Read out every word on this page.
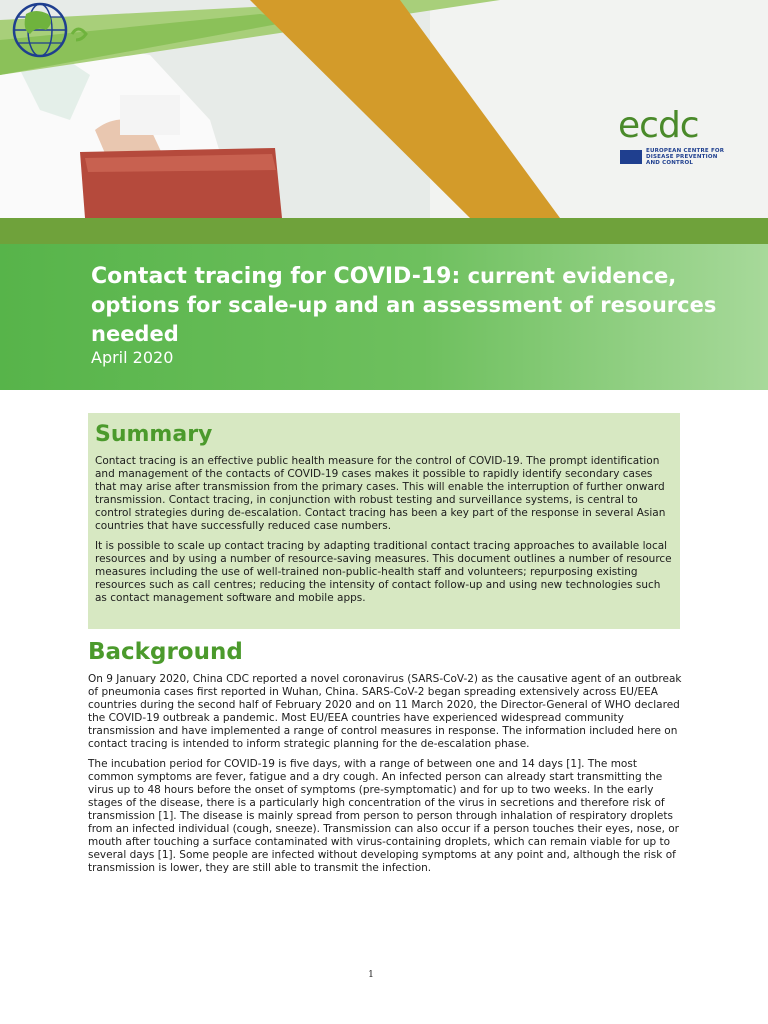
ecdc
EUROPEAN CENTRE FOR
DISEASE PREVENTION
AND CONTROL
Contact tracing for COVID-19: current evidence, options for scale-up and an assessment of resources needed

April 2020

Summary

Contact tracing is an effective public health measure for the control of COVID-19. The prompt identification and management of the contacts of COVID-19 cases makes it possible to rapidly identify secondary cases that may arise after transmission from the primary cases. This will enable the interruption of further onward transmission. Contact tracing, in conjunction with robust testing and surveillance systems, is central to control strategies during de-escalation. Contact tracing has been a key part of the response in several Asian countries that have successfully reduced case numbers.

It is possible to scale up contact tracing by adapting traditional contact tracing approaches to available local resources and by using a number of resource-saving measures. This document outlines a number of resource measures including the use of well-trained non-public-health staff and volunteers; repurposing existing resources such as call centres; reducing the intensity of contact follow-up and using new technologies such as contact management software and mobile apps.

Background

On 9 January 2020, China CDC reported a novel coronavirus (SARS-CoV-2) as the causative agent of an outbreak of pneumonia cases first reported in Wuhan, China. SARS-CoV-2 began spreading extensively across EU/EEA countries during the second half of February 2020 and on 11 March 2020, the Director-General of WHO declared the COVID-19 outbreak a pandemic. Most EU/EEA countries have experienced widespread community transmission and have implemented a range of control measures in response. The information included here on contact tracing is intended to inform strategic planning for the de-escalation phase.

The incubation period for COVID-19 is five days, with a range of between one and 14 days [1]. The most common symptoms are fever, fatigue and a dry cough. An infected person can already start transmitting the virus up to 48 hours before the onset of symptoms (pre-symptomatic) and for up to two weeks. In the early stages of the disease, there is a particularly high concentration of the virus in secretions and therefore risk of transmission [1]. The disease is mainly spread from person to person through inhalation of respiratory droplets from an infected individual (cough, sneeze). Transmission can also occur if a person touches their eyes, nose, or mouth after touching a surface contaminated with virus-containing droplets, which can remain viable for up to several days [1]. Some people are infected without developing symptoms at any point and, although the risk of transmission is lower, they are still able to transmit the infection.

1
